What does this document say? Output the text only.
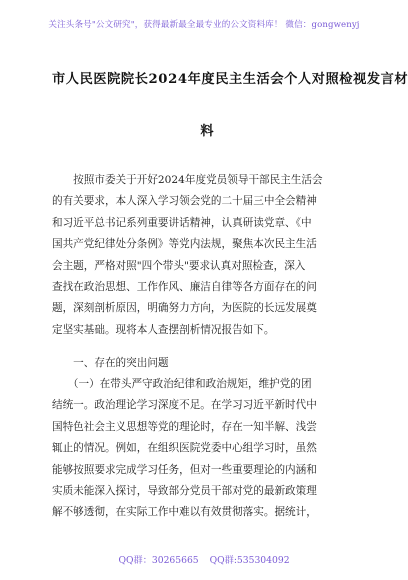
关注头条号"公文研究"，获得最新最全最专业的公文资料库！ 微信：gongwenyj
市人民医院院长2024年度民主生活会个人对照检视发言材
料
　　按照市委关于开好2024年度党员领导干部民主生活会
的有关要求，本人深入学习领会党的二十届三中全会精神
和习近平总书记系列重要讲话精神，认真研读党章、《中
国共产党纪律处分条例》等党内法规，聚焦本次民主生活
会主题，严格对照"四个带头"要求认真对照检查，深入
查找在政治思想、工作作风、廉洁自律等各方面存在的问
题，深刻剖析原因，明确努力方向，为医院的长远发展奠
定坚实基础。现将本人查摆剖析情况报告如下。
　　一、存在的突出问题
　　（一）在带头严守政治纪律和政治规矩，维护党的团
结统一。政治理论学习深度不足。在学习习近平新时代中
国特色社会主义思想等党的理论时，存在一知半解、浅尝
辄止的情况。例如，在组织医院党委中心组学习时，虽然
能够按照要求完成学习任务，但对一些重要理论的内涵和
实质未能深入探讨，导致部分党员干部对党的最新政策理
解不够透彻，在实际工作中难以有效贯彻落实。据统计，
QQ群：30265665 QQ群:535304092
